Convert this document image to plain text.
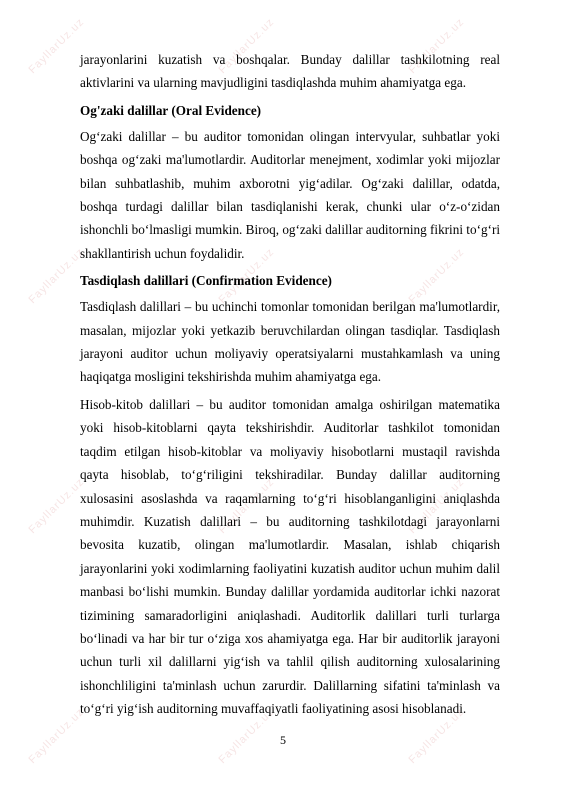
FayllarUz.uz	FayllarUz.uz	FayllarUz.uz
FayllarUz.uz	FayllarUz.uz	FayllarUz.uz
FayllarUz.uz	FayllarUz.uz	FayllarUz.uz
FayllarUz.uz	FayllarUz.uz	FayllarUz.uz

jarayonlarini kuzatish va boshqalar. Bunday dalillar tashkilotning real aktivlarini va ularning mavjudligini tasdiqlashda muhim ahamiyatga ega.

Og'zaki dalillar (Oral Evidence)

Og‘zaki dalillar – bu auditor tomonidan olingan intervyular, suhbatlar yoki boshqa og‘zaki ma'lumotlardir. Auditorlar menejment, xodimlar yoki mijozlar bilan suhbatlashib, muhim axborotni yig‘adilar. Og‘zaki dalillar, odatda, boshqa turdagi dalillar bilan tasdiqlanishi kerak, chunki ular o‘z-o‘zidan ishonchli bo‘lmasligi mumkin. Biroq, og‘zaki dalillar auditorning fikrini to‘g‘ri shakllantirish uchun foydalidir.

Tasdiqlash dalillari (Confirmation Evidence)

Tasdiqlash dalillari – bu uchinchi tomonlar tomonidan berilgan ma'lumotlardir, masalan, mijozlar yoki yetkazib beruvchilardan olingan tasdiqlar. Tasdiqlash jarayoni auditor uchun moliyaviy operatsiyalarni mustahkamlash va uning haqiqatga mosligini tekshirishda muhim ahamiyatga ega.

Hisob-kitob dalillari – bu auditor tomonidan amalga oshirilgan matematika yoki hisob-kitoblarni qayta tekshirishdir. Auditorlar tashkilot tomonidan taqdim etilgan hisob-kitoblar va moliyaviy hisobotlarni mustaqil ravishda qayta hisoblab, to‘g‘riligini tekshiradilar. Bunday dalillar auditorning xulosasini asoslashda va raqamlarning to‘g‘ri hisoblanganligini aniqlashda muhimdir. Kuzatish dalillari – bu auditorning tashkilotdagi jarayonlarni bevosita kuzatib, olingan ma'lumotlardir. Masalan, ishlab chiqarish jarayonlarini yoki xodimlarning faoliyatini kuzatish auditor uchun muhim dalil manbasi bo‘lishi mumkin. Bunday dalillar yordamida auditorlar ichki nazorat tizimining samaradorligini aniqlashadi. Auditorlik dalillari turli turlarga bo‘linadi va har bir tur o‘ziga xos ahamiyatga ega. Har bir auditorlik jarayoni uchun turli xil dalillarni yig‘ish va tahlil qilish auditorning xulosalarining ishonchliligini ta'minlash uchun zarurdir. Dalillarning sifatini ta'minlash va to‘g‘ri yig‘ish auditorning muvaffaqiyatli faoliyatining asosi hisoblanadi.

5
